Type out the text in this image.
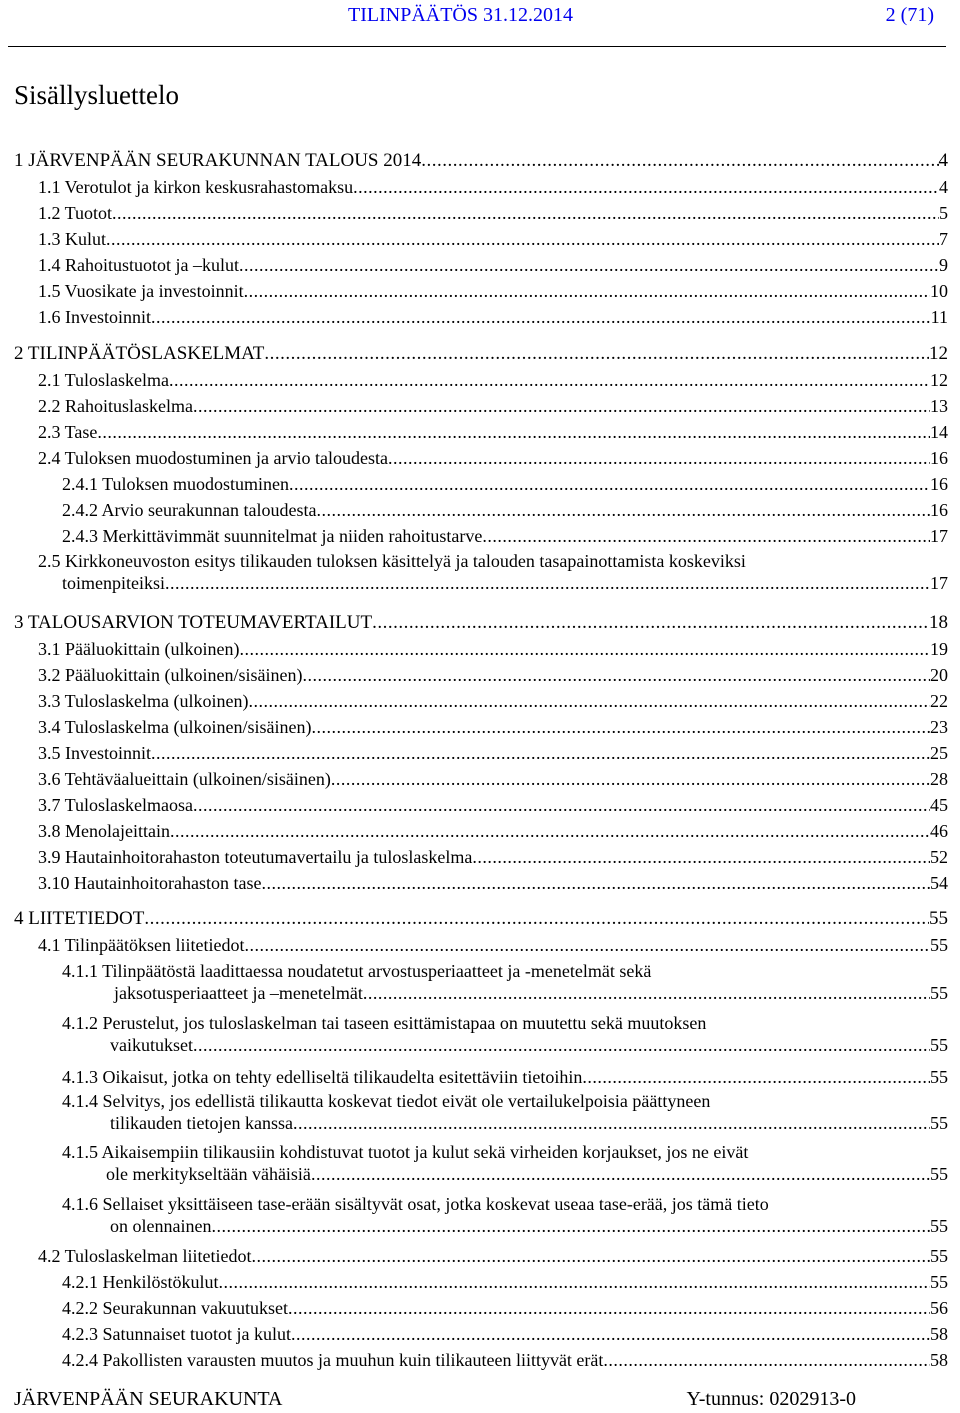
TILINPÄÄTÖS 31.12.2014	2 (71)
Sisällysluettelo
1 JÄRVENPÄÄN SEURAKUNNAN TALOUS 2014 .....	4
1.1 Verotulot ja kirkon keskusrahastomaksu .....	4
1.2 Tuotot .....	5
1.3 Kulut .....	7
1.4 Rahoitustuotot ja –kulut .....	9
1.5 Vuosikate ja investoinnit .....	10
1.6 Investoinnit .....	11
2 TILINPÄÄTÖSLASKELMAT .....	12
2.1 Tuloslaskelma .....	12
2.2 Rahoituslaskelma .....	13
2.3 Tase .....	14
2.4 Tuloksen muodostuminen ja arvio taloudesta .....	16
2.4.1 Tuloksen muodostuminen .....	16
2.4.2 Arvio seurakunnan taloudesta .....	16
2.4.3 Merkittävimmät suunnitelmat ja niiden rahoitustarve .....	17
2.5 Kirkkoneuvoston esitys tilikauden tuloksen käsittelyä ja talouden tasapainottamista koskeviksi
toimenpiteiksi .....	17
3 TALOUSARVION TOTEUMAVERTAILUT .....	18
3.1 Pääluokittain (ulkoinen) .....	19
3.2 Pääluokittain (ulkoinen/sisäinen) .....	20
3.3 Tuloslaskelma (ulkoinen) .....	22
3.4 Tuloslaskelma (ulkoinen/sisäinen) .....	23
3.5 Investoinnit .....	25
3.6 Tehtäväalueittain (ulkoinen/sisäinen) .....	28
3.7 Tuloslaskelmaosa .....	45
3.8 Menolajeittain .....	46
3.9 Hautainhoitorahaston toteutumavertailu ja tuloslaskelma .....	52
3.10 Hautainhoitorahaston tase .....	54
4 LIITETIEDOT .....	55
4.1 Tilinpäätöksen liitetiedot .....	55
4.1.1 Tilinpäätöstä laadittaessa noudatetut arvostusperiaatteet ja -menetelmät sekä
jaksotusperiaatteet ja –menetelmät .....	55
4.1.2 Perustelut, jos tuloslaskelman tai taseen esittämistapaa on muutettu sekä muutoksen
vaikutukset .....	55
4.1.3 Oikaisut, jotka on tehty edelliseltä tilikaudelta esitettäviin tietoihin .....	55
4.1.4 Selvitys, jos edellistä tilikautta koskevat tiedot eivät ole vertailukelpoisia päättyneen
tilikauden tietojen kanssa .....	55
4.1.5 Aikaisempiin tilikausiin kohdistuvat tuotot ja kulut sekä virheiden korjaukset, jos ne eivät
ole merkitykseltään vähäisiä .....	55
4.1.6 Sellaiset yksittäiseen tase-erään sisältyvät osat, jotka koskevat useaa tase-erää, jos tämä tieto
on olennainen .....	55
4.2 Tuloslaskelman liitetiedot .....	55
4.2.1 Henkilöstökulut .....	55
4.2.2 Seurakunnan vakuutukset .....	56
4.2.3 Satunnaiset tuotot ja kulut .....	58
4.2.4 Pakollisten varausten muutos ja muuhun kuin tilikauteen liittyvät erät .....	58
JÄRVENPÄÄN SEURAKUNTA	Y-tunnus: 0202913-0
